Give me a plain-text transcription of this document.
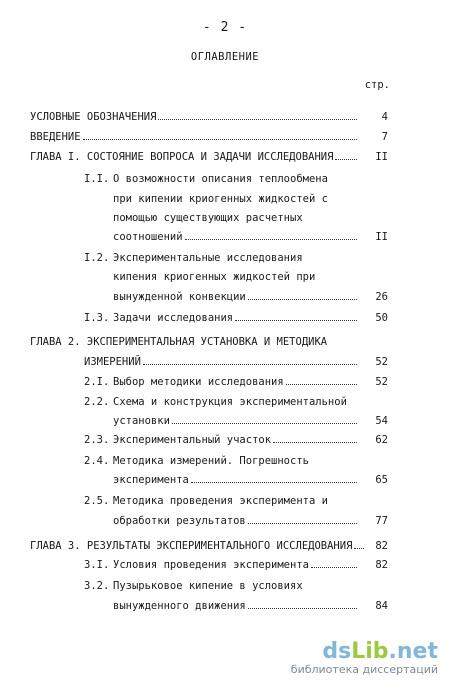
- 2 -
ОГЛАВЛЕНИЕ
стр.
УСЛОВНЫЕ ОБОЗНАЧЕНИЯ	4
ВВЕДЕНИЕ	7
ГЛАВА I. СОСТОЯНИЕ ВОПРОСА И ЗАДАЧИ ИССЛЕДОВАНИЯ	II
I.I. О возможности описания теплообмена
при кипении криогенных жидкостей с
помощью существующих расчетных
соотношений	II
I.2. Экспериментальные исследования
кипения криогенных жидкостей при
вынужденной конвекции	26
I.3. Задачи исследования	50
ГЛАВА 2. ЭКСПЕРИМЕНТАЛЬНАЯ УСТАНОВКА И МЕТОДИКА
ИЗМЕРЕНИЙ	52
2.I. Выбор методики исследования	52
2.2. Схема и конструкция экспериментальной
установки	54
2.3. Экспериментальный участок	62
2.4. Методика измерений. Погрешность
эксперимента	65
2.5. Методика проведения эксперимента и
обработки результатов	77
ГЛАВА 3. РЕЗУЛЬТАТЫ ЭКСПЕРИМЕНТАЛЬНОГО ИССЛЕДОВАНИЯ 82
3.I. Условия проведения эксперимента	82
3.2. Пузырьковое кипение в условиях
вынужденного движения	84
dsLib.net
библиотека диссертаций
